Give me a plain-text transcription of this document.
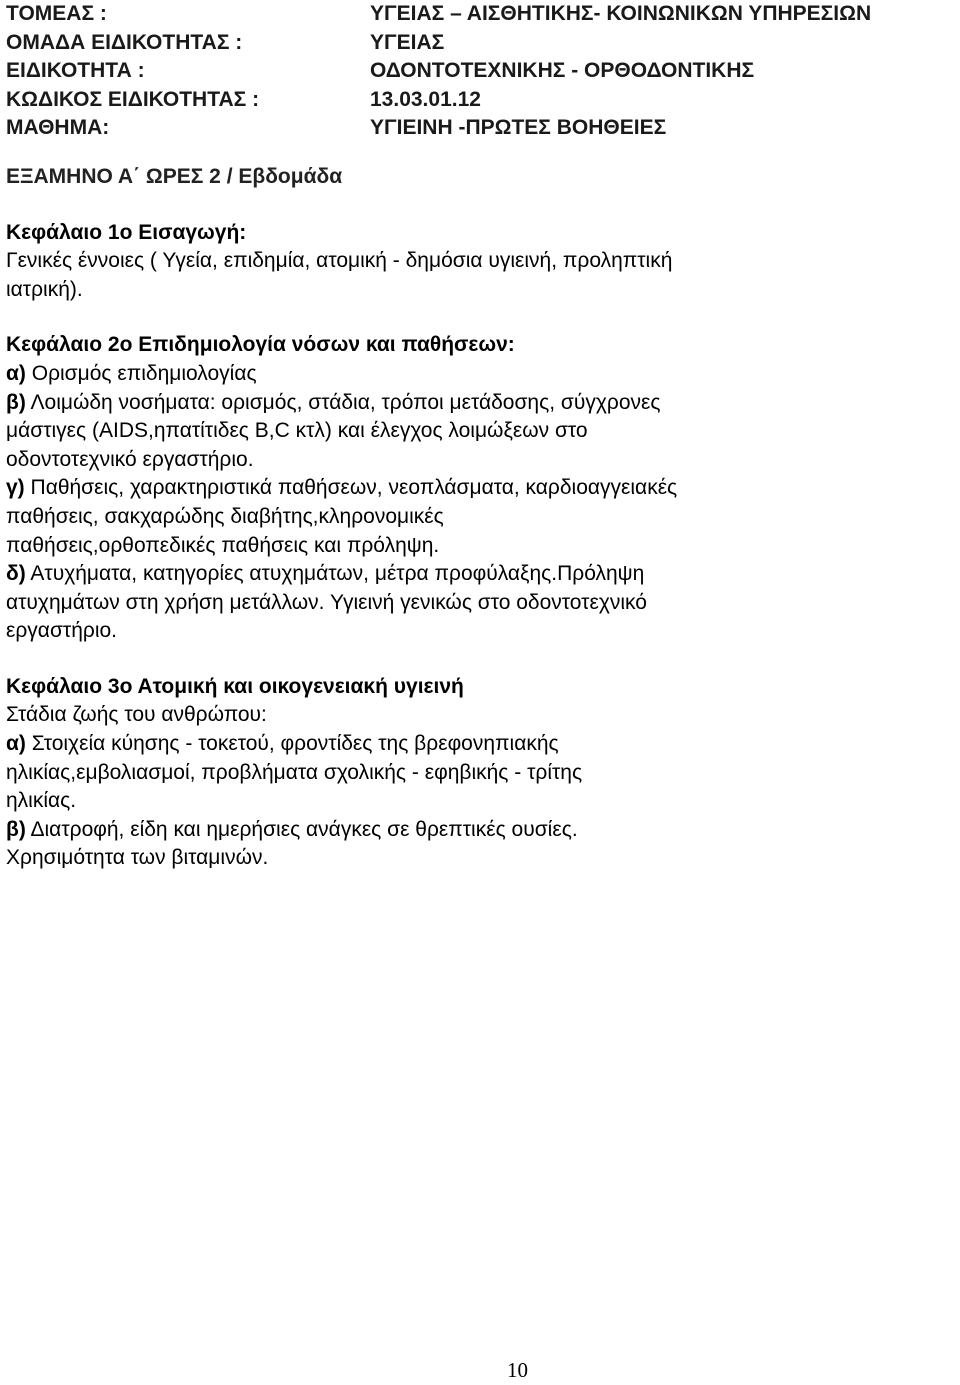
ΤΟΜΕΑΣ :	ΥΓΕΙΑΣ – ΑΙΣΘΗΤΙΚΗΣ- ΚΟΙΝΩΝΙΚΩΝ ΥΠΗΡΕΣΙΩΝ
ΟΜΑΔΑ ΕΙΔΙΚΟΤΗΤΑΣ :	ΥΓΕΙΑΣ
ΕΙΔΙΚΟΤΗΤΑ :	ΟΔΟΝΤΟΤΕΧΝΙΚΗΣ - ΟΡΘΟΔΟΝΤΙΚΗΣ
ΚΩΔΙΚΟΣ ΕΙΔΙΚΟΤΗΤΑΣ :	13.03.01.12
ΜΑΘΗΜΑ:	ΥΓΙΕΙΝΗ -ΠΡΩΤΕΣ ΒΟΗΘΕΙΕΣ
ΕΞΑΜΗΝΟ Α΄ ΩΡΕΣ 2 / Εβδομάδα
Κεφάλαιο 1ο Εισαγωγή:
Γενικές έννοιες ( Υγεία, επιδημία, ατομική - δημόσια υγιεινή, προληπτική
ιατρική).
Κεφάλαιο 2ο Επιδημιολογία νόσων και παθήσεων:
α) Ορισμός επιδημιολογίας
β) Λοιμώδη νοσήματα: ορισμός, στάδια, τρόποι μετάδοσης, σύγχρονες
μάστιγες (AIDS,ηπατίτιδες Β,C κτλ) και έλεγχος λοιμώξεων στο
οδοντοτεχνικό εργαστήριο.
γ) Παθήσεις, χαρακτηριστικά παθήσεων, νεοπλάσματα, καρδιοαγγειακές
παθήσεις, σακχαρώδης διαβήτης,κληρονομικές
παθήσεις,ορθοπεδικές παθήσεις και πρόληψη.
δ) Ατυχήματα, κατηγορίες ατυχημάτων, μέτρα προφύλαξης.Πρόληψη
ατυχημάτων στη χρήση μετάλλων. Υγιεινή γενικώς στο οδοντοτεχνικό
εργαστήριο.
Κεφάλαιο 3ο Ατομική και οικογενειακή υγιεινή
Στάδια ζωής του ανθρώπου:
α) Στοιχεία κύησης - τοκετού, φροντίδες της βρεφονηπιακής
ηλικίας,εμβολιασμοί, προβλήματα σχολικής - εφηβικής - τρίτης
ηλικίας.
β) Διατροφή, είδη και ημερήσιες ανάγκες σε θρεπτικές ουσίες.
Χρησιμότητα των βιταμινών.
10
